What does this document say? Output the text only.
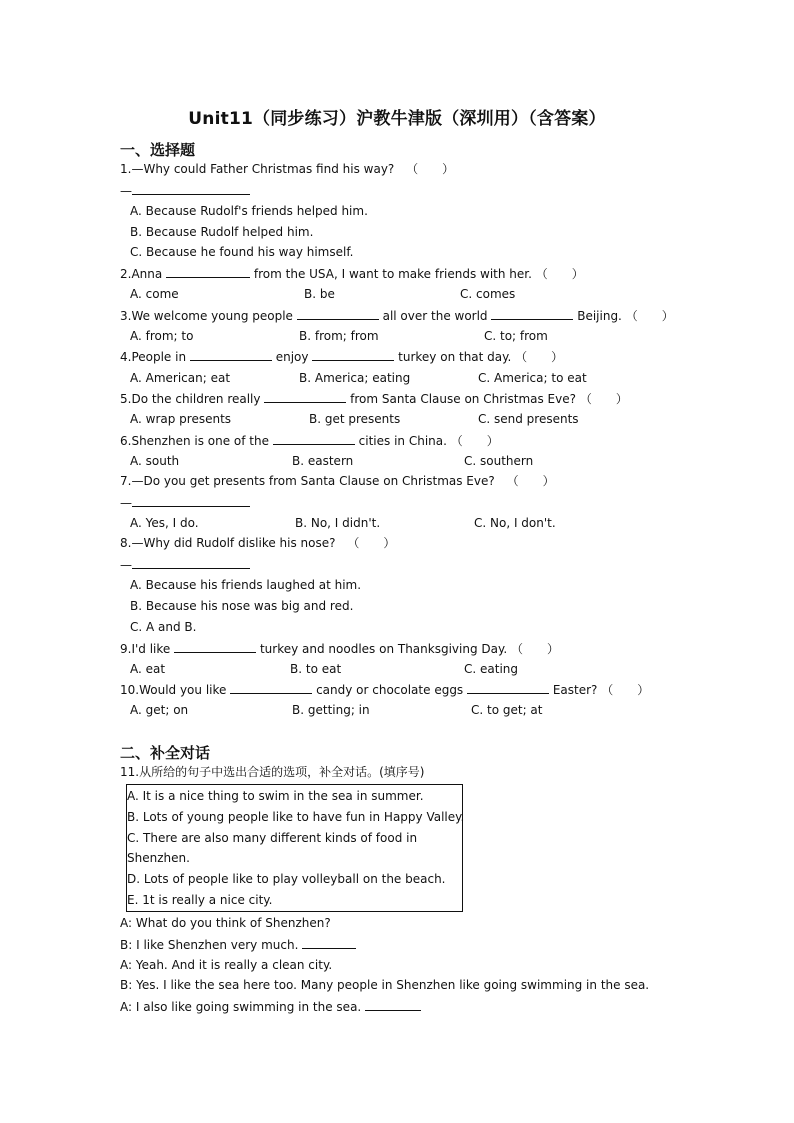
Unit11（同步练习）沪教牛津版（深圳用）（含答案）
一、选择题
1.—Why could Father Christmas find his way? （　　）
—
A. Because Rudolf's friends helped him.
B. Because Rudolf helped him.
C. Because he found his way himself.
2.Anna	from the USA, I want to make friends with her. （　　）
A. come	B. be	C. comes
3.We welcome young people	all over the world	Beijing. （　　）
A. from; to	B. from; from	C. to; from
4.People in	enjoy	turkey on that day. （　　）
A. American; eat	B. America; eating	C. America; to eat
5.Do the children really	from Santa Clause on Christmas Eve? （　　）
A. wrap presents	B. get presents	C. send presents
6.Shenzhen is one of the	cities in China. （　　）
A. south	B. eastern	C. southern
7.—Do you get presents from Santa Clause on Christmas Eve? （　　）
—
A. Yes, I do.	B. No, I didn't.	C. No, I don't.
8.—Why did Rudolf dislike his nose? （　　）
—
A. Because his friends laughed at him.
B. Because his nose was big and red.
C. A and B.
9.I'd like	turkey and noodles on Thanksgiving Day. （　　）
A. eat	B. to eat	C. eating
10.Would you like	candy or chocolate eggs	Easter? （　　）
A. get; on	B. getting; in	C. to get; at
二、补全对话
11.从所给的句子中选出合适的选项，补全对话。(填序号)
A. It is a nice thing to swim in the sea in summer.
B. Lots of young people like to have fun in Happy Valley.
C. There are also many different kinds of food in
Shenzhen.
D. Lots of people like to play volleyball on the beach.
E. 1t is really a nice city.
A: What do you think of Shenzhen?
B: I like Shenzhen very much.
A: Yeah. And it is really a clean city.
B: Yes. I like the sea here too. Many people in Shenzhen like going swimming in the sea.
A: I also like going swimming in the sea.
